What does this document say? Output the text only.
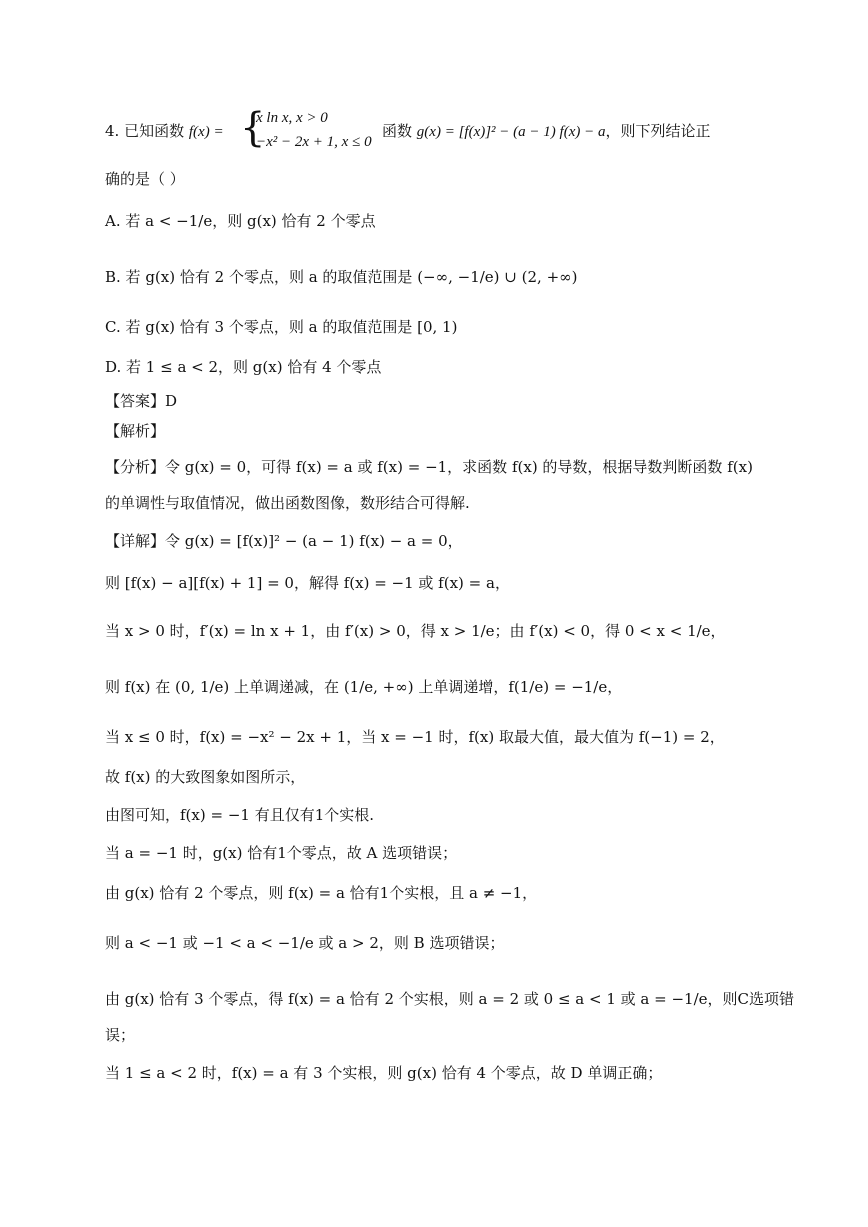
4. 已知函数 f(x) = {
x ln x, x > 0
−x² − 2x + 1, x ≤ 0
函数 g(x) = [f(x)]² − (a − 1) f(x) − a，则下列结论正
确的是（ ）
A. 若 a < −1/e，则 g(x) 恰有 2 个零点
B. 若 g(x) 恰有 2 个零点，则 a 的取值范围是 (−∞, −1/e) ∪ (2, +∞)
C. 若 g(x) 恰有 3 个零点，则 a 的取值范围是 [0, 1)
D. 若 1 ≤ a < 2，则 g(x) 恰有 4 个零点
【答案】D
【解析】
【分析】令 g(x) = 0，可得 f(x) = a 或 f(x) = −1，求函数 f(x) 的导数，根据导数判断函数 f(x)
的单调性与取值情况，做出函数图像，数形结合可得解.
【详解】令 g(x) = [f(x)]² − (a − 1) f(x) − a = 0，
则 [f(x) − a][f(x) + 1] = 0，解得 f(x) = −1 或 f(x) = a，
当 x > 0 时，f′(x) = ln x + 1，由 f′(x) > 0，得 x > 1/e；由 f′(x) < 0，得 0 < x < 1/e，
则 f(x) 在 (0, 1/e) 上单调递减，在 (1/e, +∞) 上单调递增，f(1/e) = −1/e，
当 x ≤ 0 时，f(x) = −x² − 2x + 1，当 x = −1 时，f(x) 取最大值，最大值为 f(−1) = 2，
故 f(x) 的大致图象如图所示，
由图可知，f(x) = −1 有且仅有1个实根.
当 a = −1 时，g(x) 恰有1个零点，故 A 选项错误；
由 g(x) 恰有 2 个零点，则 f(x) = a 恰有1个实根，且 a ≠ −1，
则 a < −1 或 −1 < a < −1/e 或 a > 2，则 B 选项错误；
由 g(x) 恰有 3 个零点，得 f(x) = a 恰有 2 个实根，则 a = 2 或 0 ≤ a < 1 或 a = −1/e，则C选项错
误；
当 1 ≤ a < 2 时，f(x) = a 有 3 个实根，则 g(x) 恰有 4 个零点，故 D 单调正确；
